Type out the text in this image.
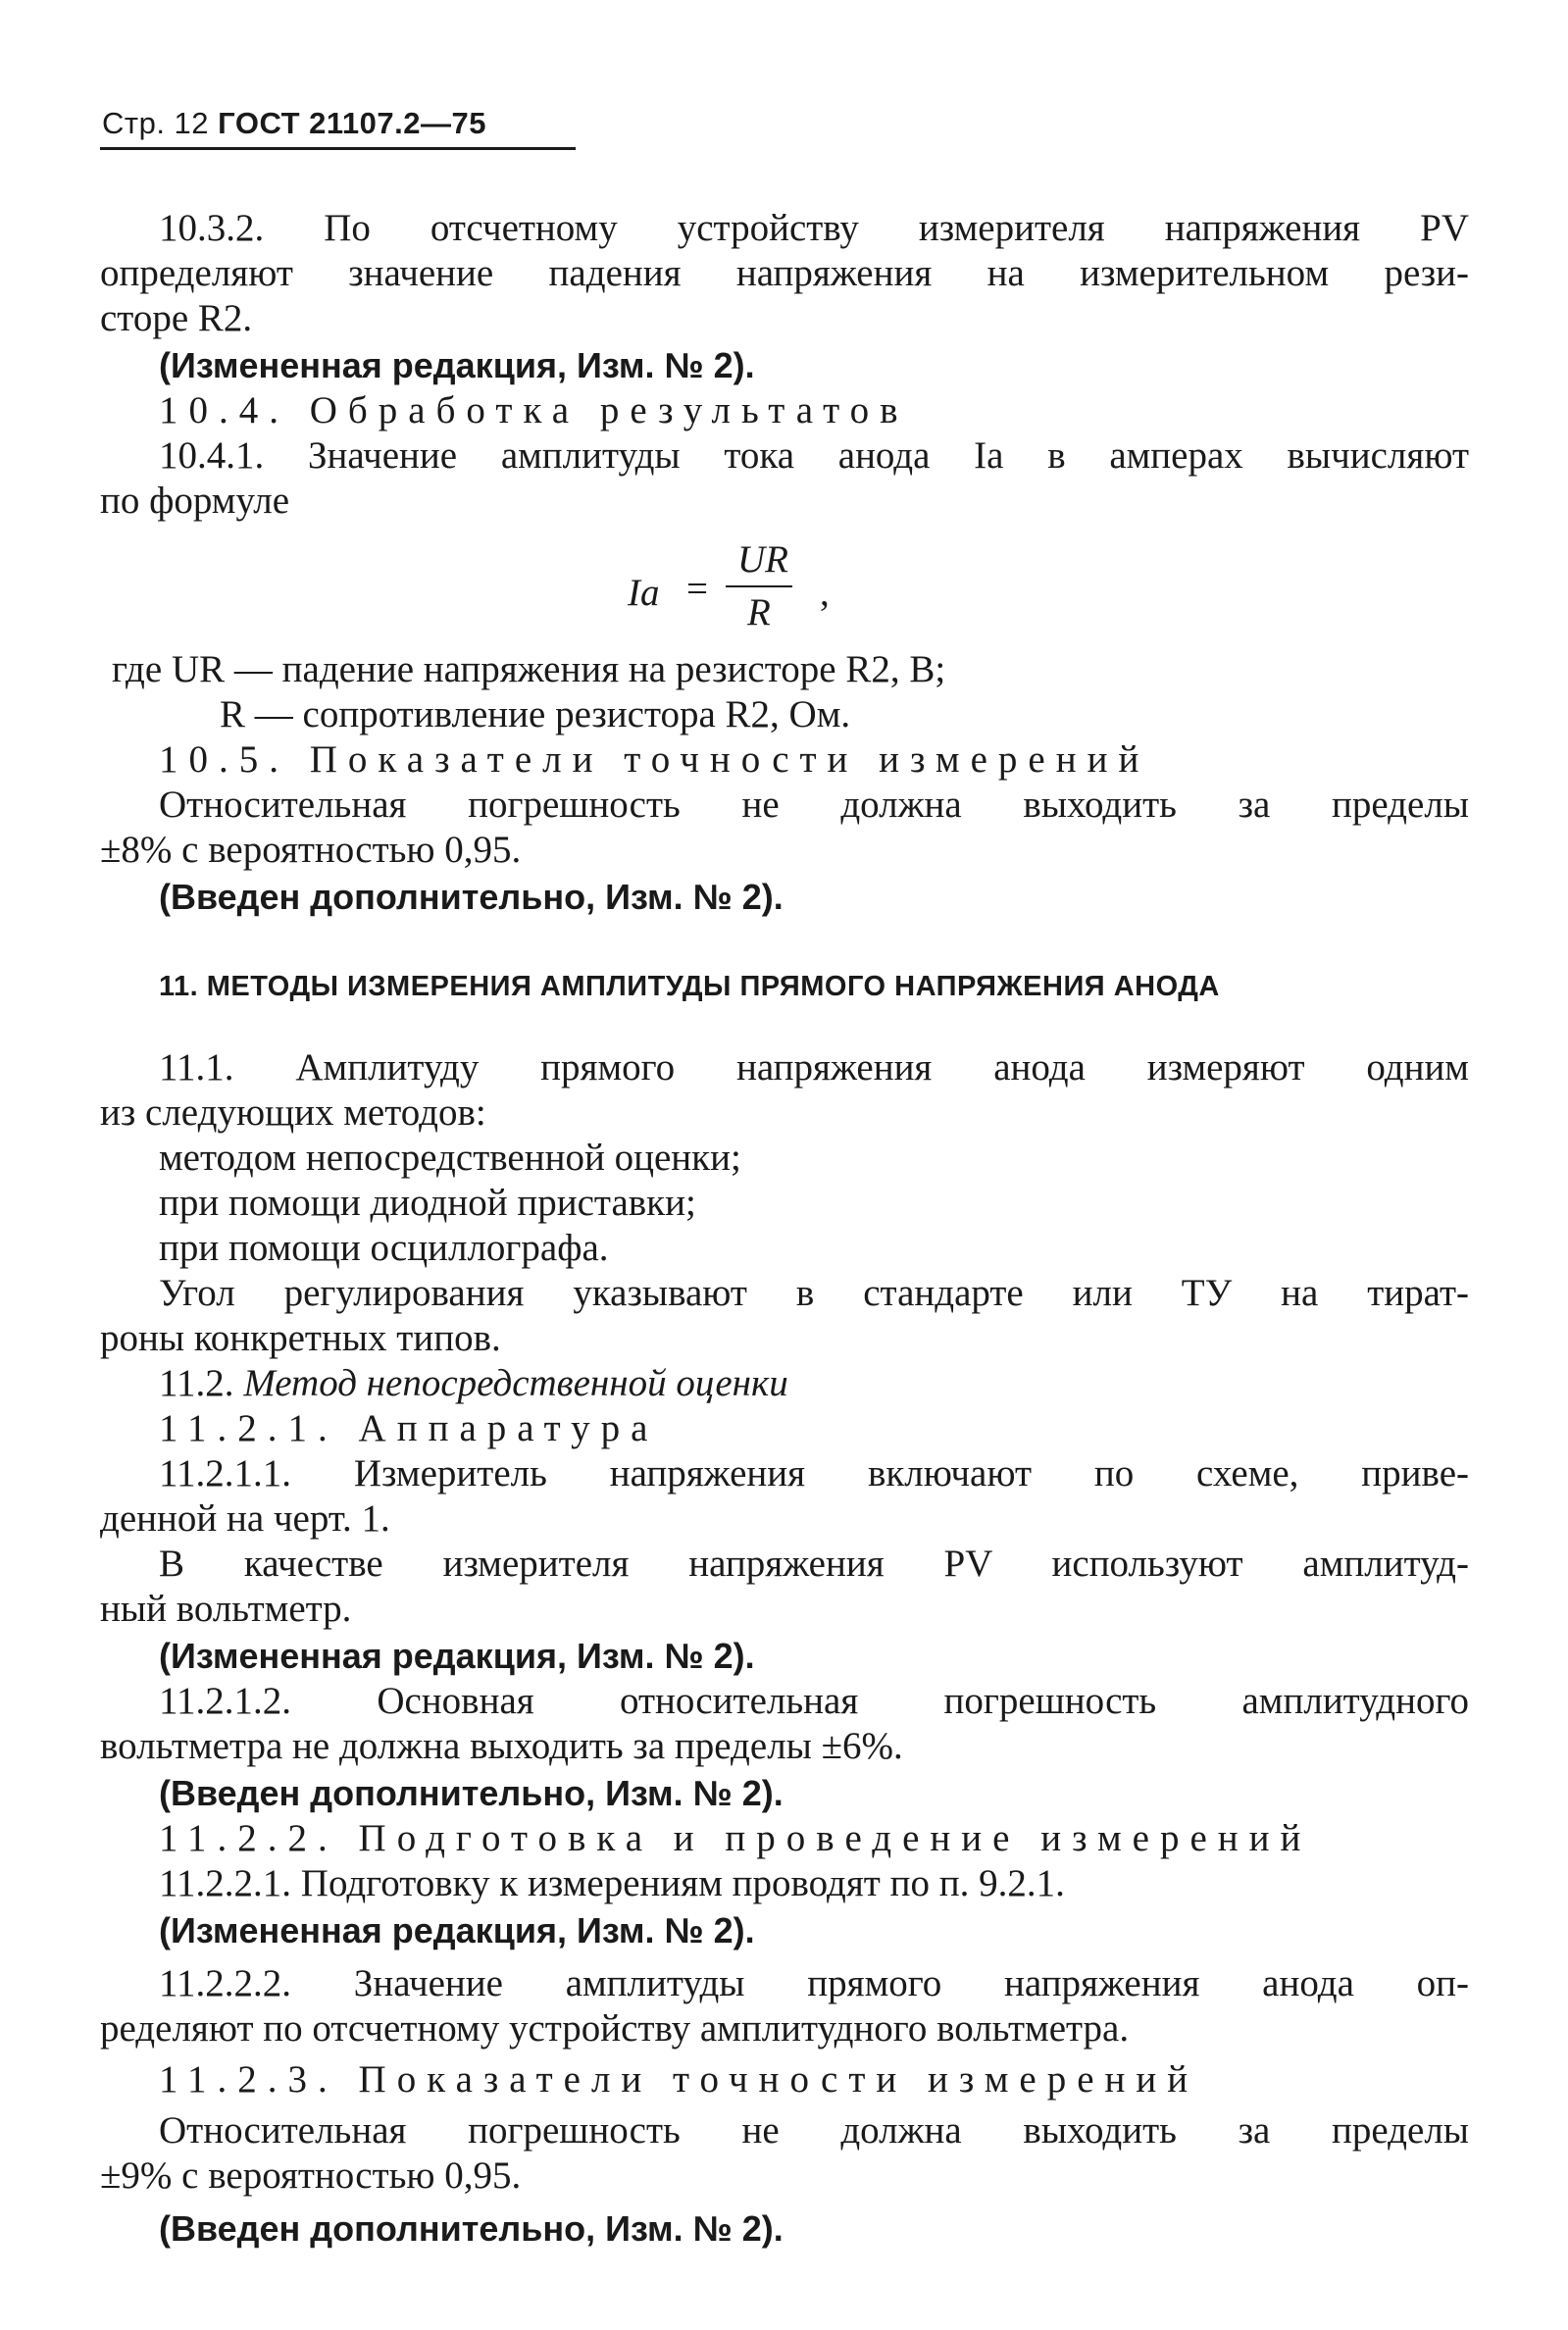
Стр. 12 ГОСТ 21107.2—75
10.3.2. По отсчетному устройству измерителя напряжения PV
определяют значение падения напряжения на измерительном рези-
сторе R2.
(Измененная редакция, Изм. № 2).
10.4. Обработка результатов
10.4.1. Значение амплитуды тока анода Ia в амперах вычисляют
по формуле
Ia =
UR
R ,
где UR — падение напряжения на резисторе R2, В;
R — сопротивление резистора R2, Ом.
10.5. Показатели точности измерений
Относительная погрешность не должна выходить за пределы
±8% с вероятностью 0,95.
(Введен дополнительно, Изм. № 2).
11. МЕТОДЫ ИЗМЕРЕНИЯ АМПЛИТУДЫ ПРЯМОГО НАПРЯЖЕНИЯ АНОДА
11.1. Амплитуду прямого напряжения анода измеряют одним
из следующих методов:
методом непосредственной оценки;
при помощи диодной приставки;
при помощи осциллографа.
Угол регулирования указывают в стандарте или ТУ на тират-
роны конкретных типов.
11.2. Метод непосредственной оценки
11.2.1. Аппаратура
11.2.1.1. Измеритель напряжения включают по схеме, приве-
денной на черт. 1.
В качестве измерителя напряжения PV используют амплитуд-
ный вольтметр.
(Измененная редакция, Изм. № 2).
11.2.1.2. Основная относительная погрешность амплитудного
вольтметра не должна выходить за пределы ±6%.
(Введен дополнительно, Изм. № 2).
11.2.2. Подготовка и проведение измерений
11.2.2.1. Подготовку к измерениям проводят по п. 9.2.1.
(Измененная редакция, Изм. № 2).
11.2.2.2. Значение амплитуды прямого напряжения анода оп-
ределяют по отсчетному устройству амплитудного вольтметра.
11.2.3. Показатели точности измерений
Относительная погрешность не должна выходить за пределы
±9% с вероятностью 0,95.
(Введен дополнительно, Изм. № 2).
